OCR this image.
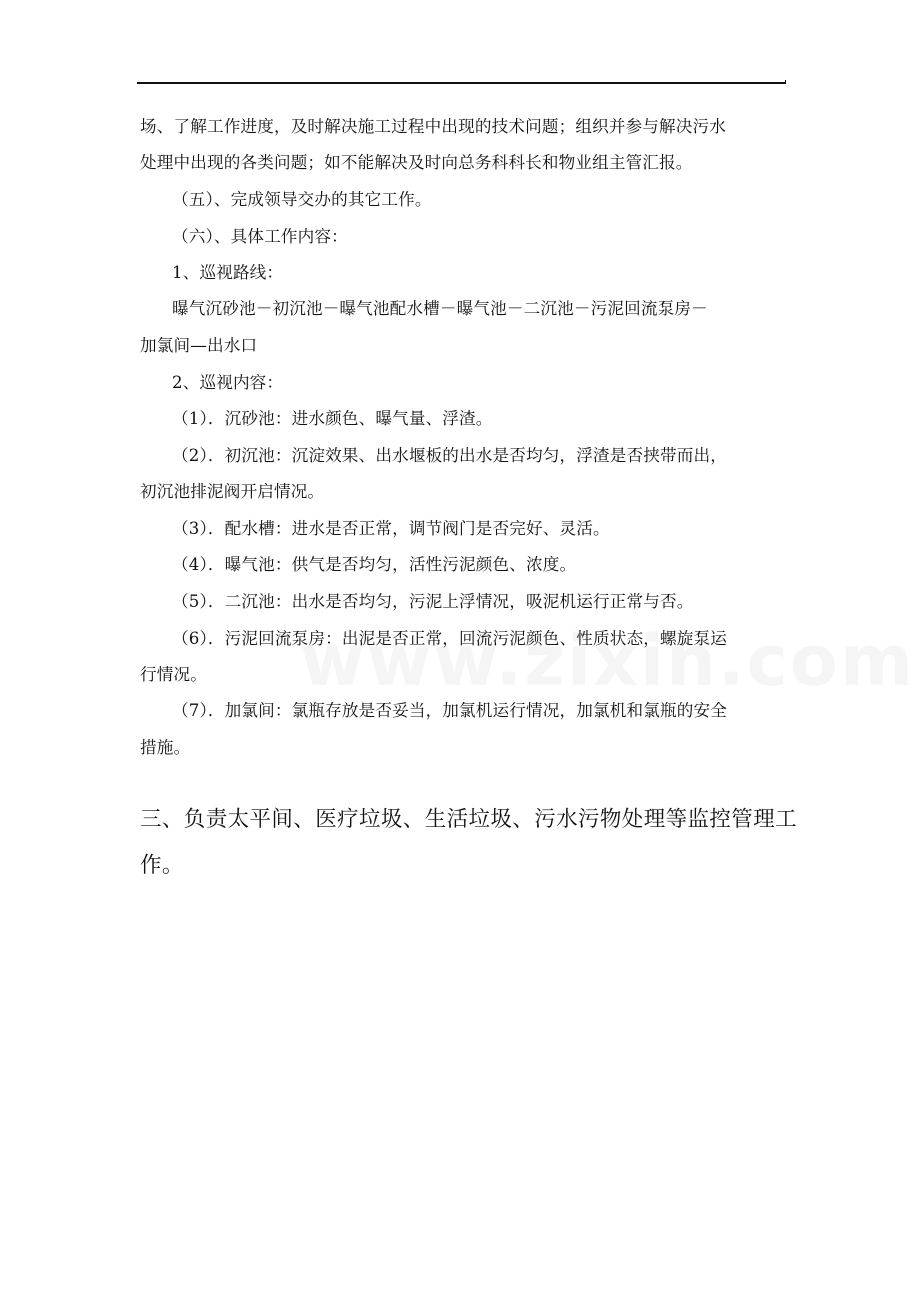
场、了解工作进度，及时解决施工过程中出现的技术问题；组织并参与解决污水
处理中出现的各类问题；如不能解决及时向总务科科长和物业组主管汇报。
（五）、完成领导交办的其它工作。
（六）、具体工作内容：
1、巡视路线：
曝气沉砂池－初沉池－曝气池配水槽－曝气池－二沉池－污泥回流泵房－
加氯间—出水口
2、巡视内容：
（1）．沉砂池：进水颜色、曝气量、浮渣。
（2）．初沉池：沉淀效果、出水堰板的出水是否均匀，浮渣是否挟带而出，
初沉池排泥阀开启情况。
（3）．配水槽：进水是否正常，调节阀门是否完好、灵活。
（4）．曝气池：供气是否均匀，活性污泥颜色、浓度。
（5）．二沉池：出水是否均匀，污泥上浮情况，吸泥机运行正常与否。
（6）．污泥回流泵房：出泥是否正常，回流污泥颜色、性质状态，螺旋泵运
行情况。
（7）．加氯间：氯瓶存放是否妥当，加氯机运行情况，加氯机和氯瓶的安全
措施。
三、负责太平间、医疗垃圾、生活垃圾、污水污物处理等监控管理工
作。
